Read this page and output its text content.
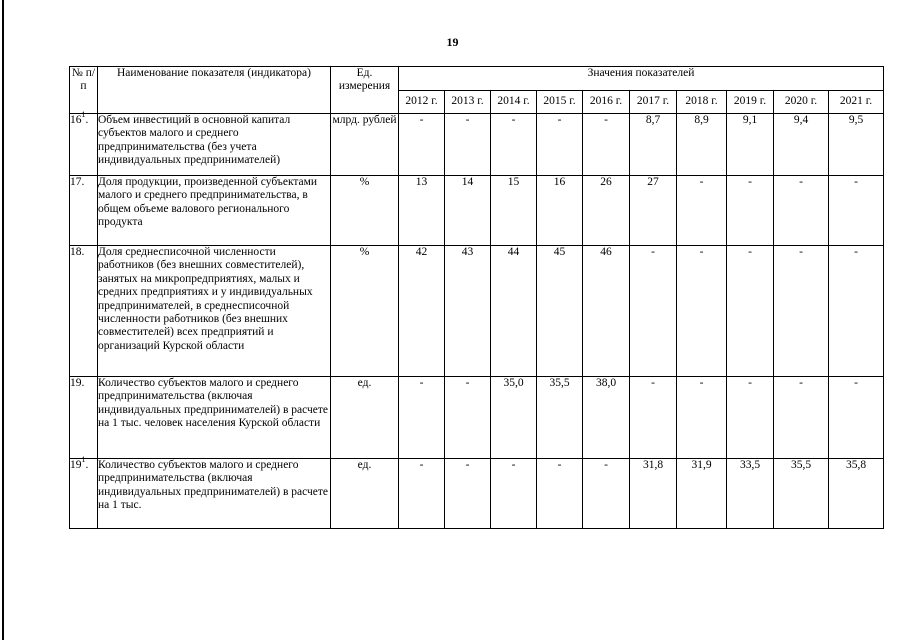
19
№ п/п	Наименование показателя (индикатора)	Ед. измерения	Значения показателей									
			2012 г.	2013 г.	2014 г.	2015 г.	2016 г.	2017 г.	2018 г.	2019 г.	2020 г.	2021 г.
$16^1$.	Объем инвестиций в основной капитал субъектов малого и среднего предпринимательства (без учета индивидуальных предпринимателей)	млрд. рублей	-	-	-	-	-	8,7	8,9	9,1	9,4	9,5
17.	Доля продукции, произведенной субъектами малого и среднего предпринимательства, в общем объеме валового регионального продукта	%	13	14	15	16	26	27	-	-	-	-
18.	Доля среднесписочной численности работников (без внешних совместителей), занятых на микропредприятиях, малых и средних предприятиях и у индивидуальных предпринимателей, в среднесписочной численности работников (без внешних совместителей) всех предприятий и организаций Курской области	%	42	43	44	45	46	-	-	-	-	-
19.	Количество субъектов малого и среднего предпринимательства (включая индивидуальных предпринимателей) в расчете на 1 тыс. человек населения Курской области	ед.	-	-	35,0	35,5	38,0	-	-	-	-	-
$19^1$.	Количество субъектов малого и среднего предпринимательства (включая индивидуальных предпринимателей) в расчете на 1 тыс.	ед.	-	-	-	-	-	31,8	31,9	33,5	35,5	35,8
